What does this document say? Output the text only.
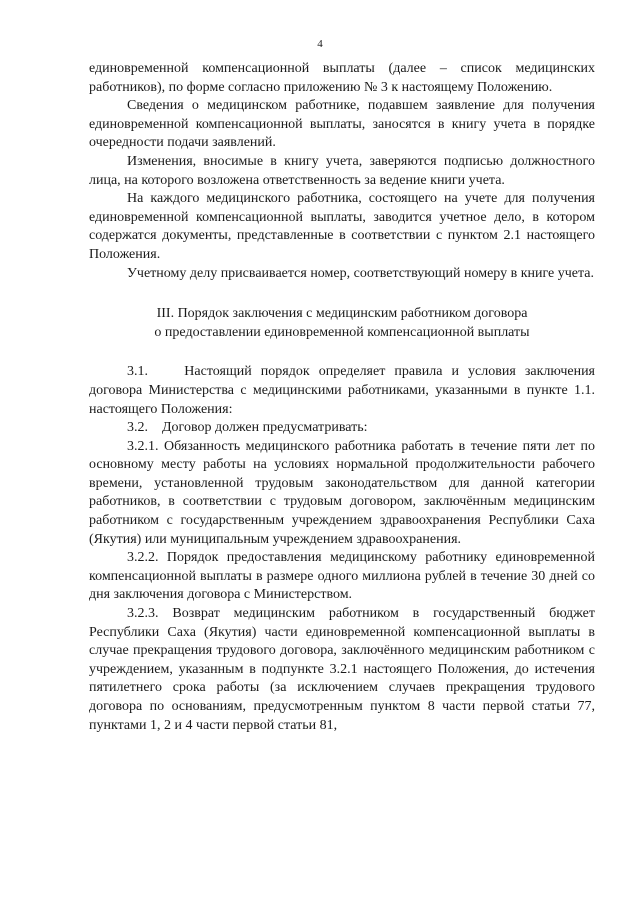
4

единовременной компенсационной выплаты (далее – список медицинских работников), по форме согласно приложению № 3 к настоящему Положению.

Сведения о медицинском работнике, подавшем заявление для получения единовременной компенсационной выплаты, заносятся в книгу учета в порядке очередности подачи заявлений.

Изменения, вносимые в книгу учета, заверяются подписью должностного лица, на которого возложена ответственность за ведение книги учета.

На каждого медицинского работника, состоящего на учете для получения единовременной компенсационной выплаты, заводится учетное дело, в котором содержатся документы, представленные в соответствии с пунктом 2.1 настоящего Положения.

Учетному делу присваивается номер, соответствующий номеру в книге учета.

III. Порядок заключения с медицинским работником договора
о предоставлении единовременной компенсационной выплаты

3.1.    Настоящий порядок определяет правила и условия заключения договора Министерства с медицинскими работниками, указанными в пункте 1.1. настоящего Положения:

3.2.    Договор должен предусматривать:

3.2.1. Обязанность медицинского работника работать в течение пяти лет по основному месту работы на условиях нормальной продолжительности рабочего времени, установленной трудовым законодательством для данной категории работников, в соответствии с трудовым договором, заключённым медицинским работником с государственным учреждением здравоохранения Республики Саха (Якутия) или муниципальным учреждением здравоохранения.

3.2.2. Порядок предоставления медицинскому работнику единовременной компенсационной выплаты в размере одного миллиона рублей в течение 30 дней со дня заключения договора с Министерством.

3.2.3. Возврат медицинским работником в государственный бюджет Республики Саха (Якутия) части единовременной компенсационной выплаты в случае прекращения трудового договора, заключённого медицинским работником с учреждением, указанным в подпункте 3.2.1 настоящего Положения, до истечения пятилетнего срока работы (за исключением случаев прекращения трудового договора по основаниям, предусмотренным пунктом 8 части первой статьи 77, пунктами 1, 2 и 4 части первой статьи 81,
